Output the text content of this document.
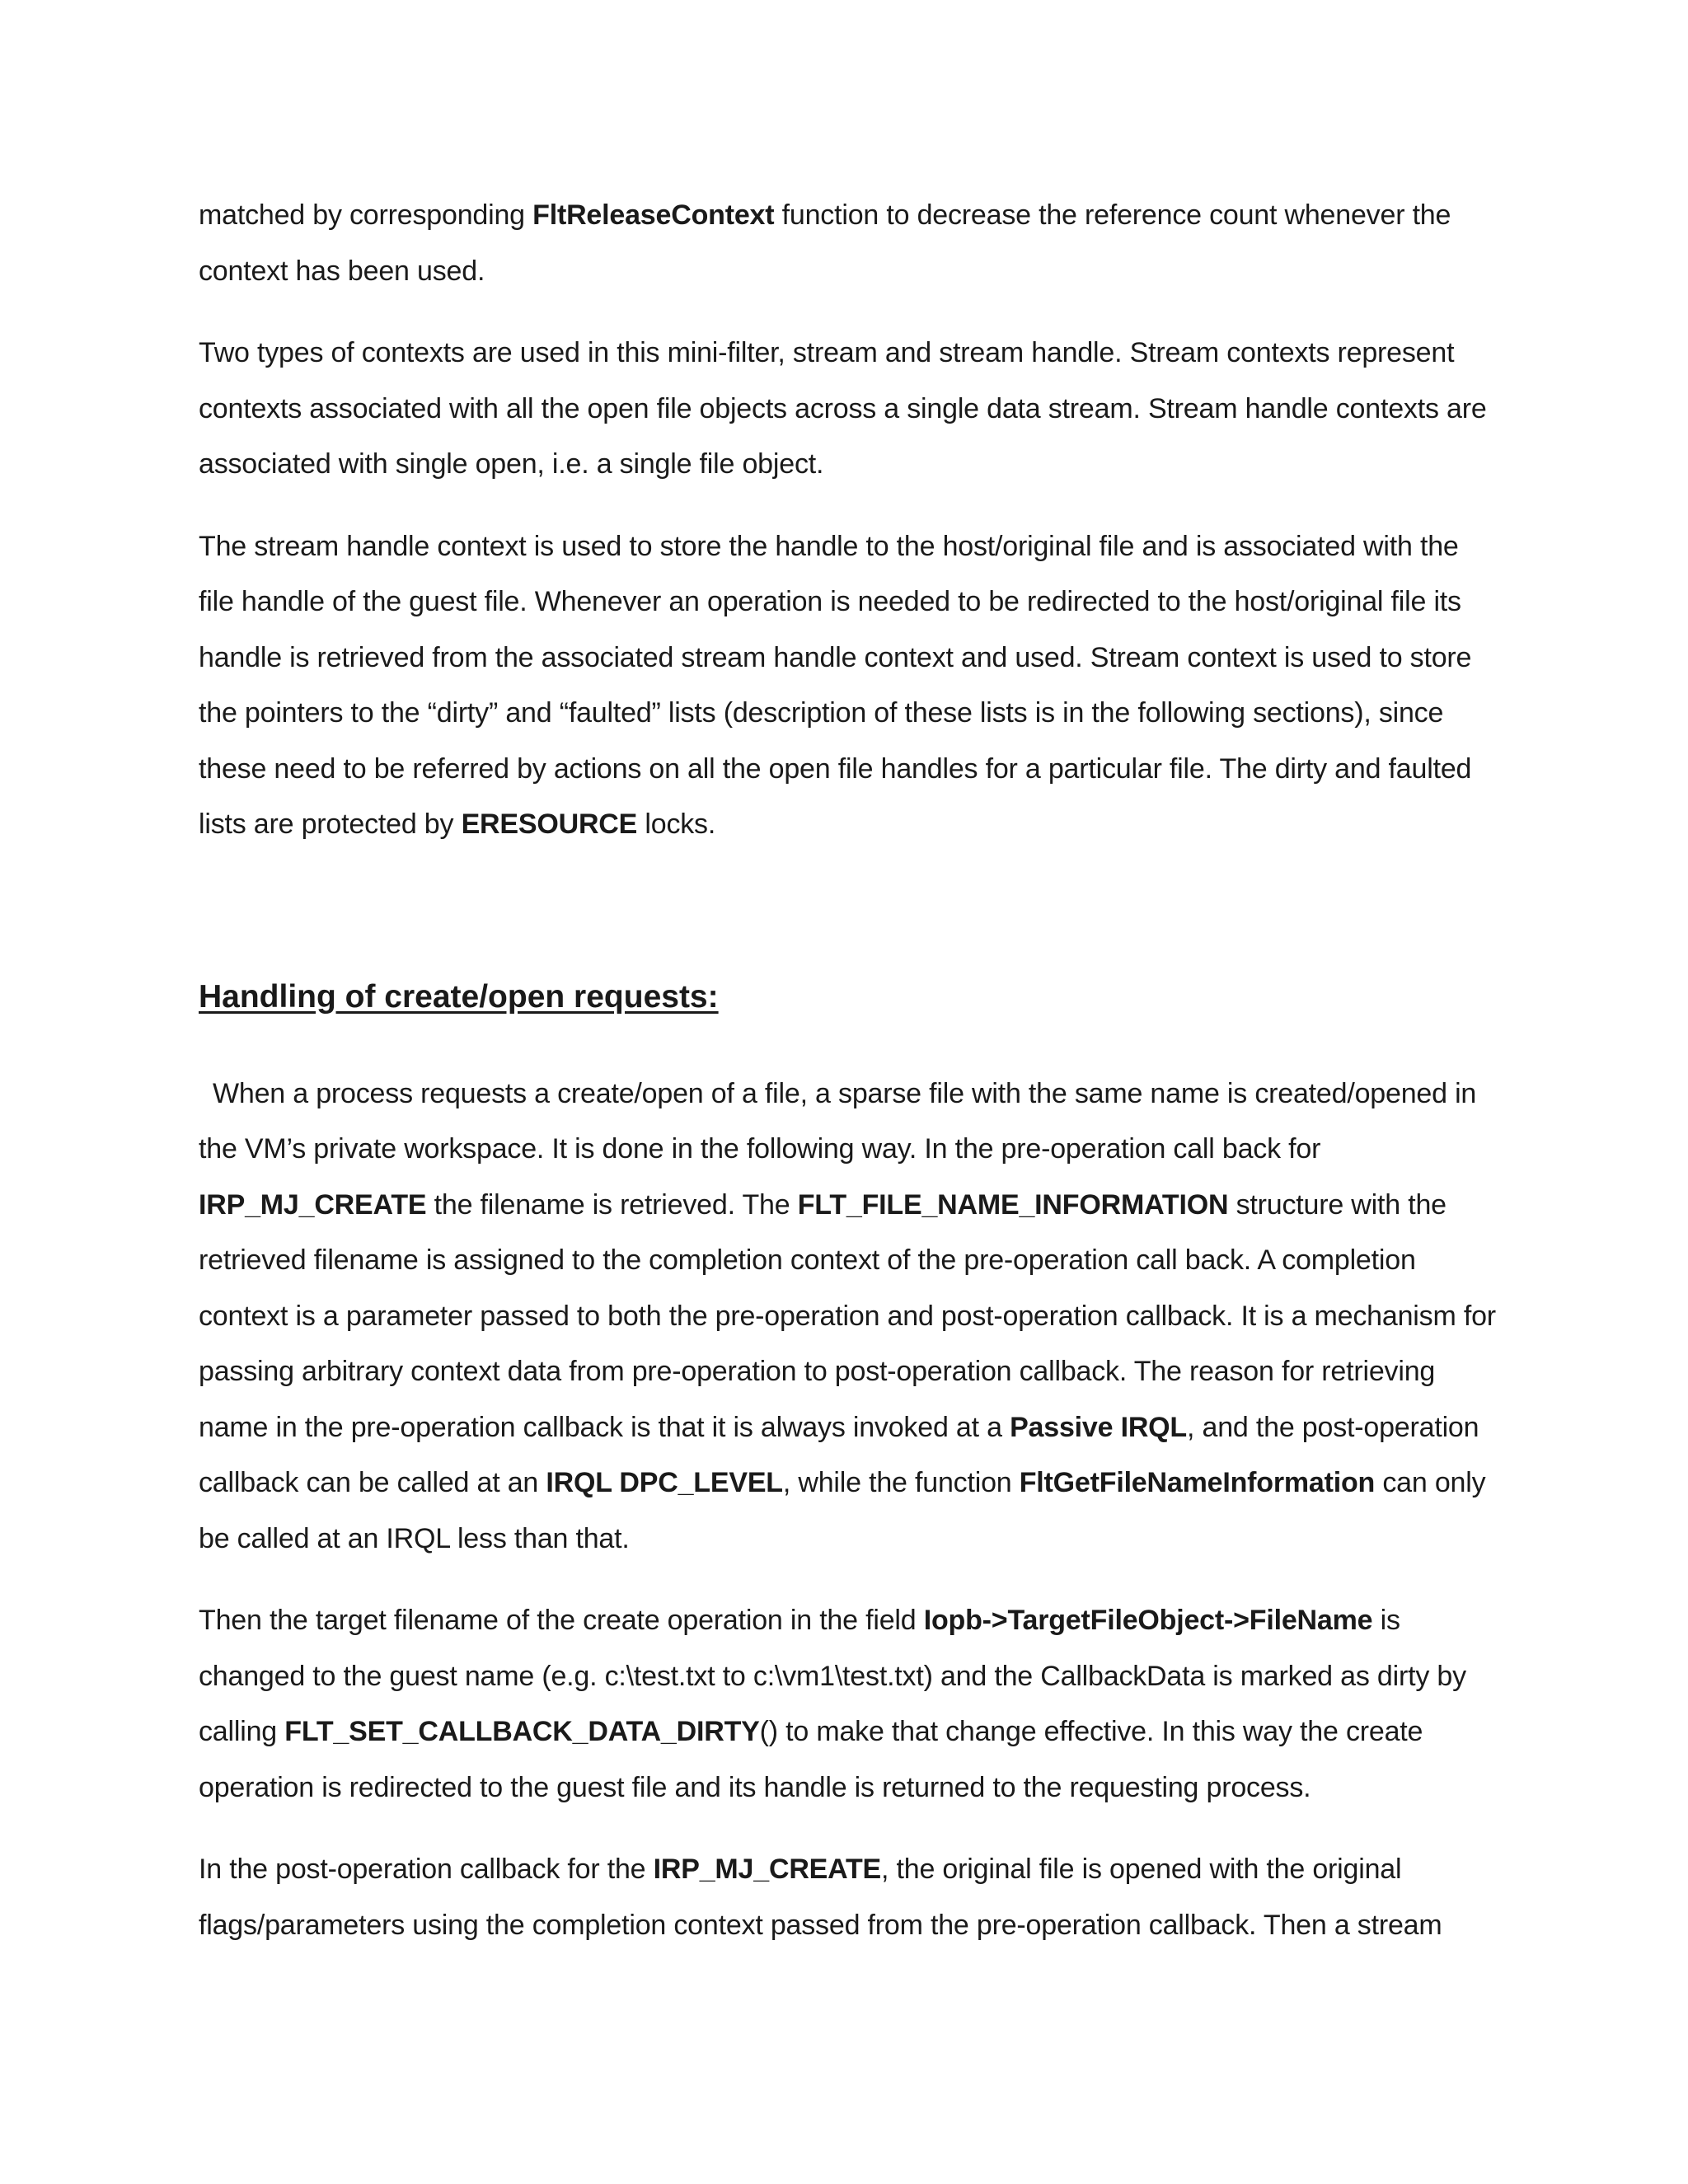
matched by corresponding FltReleaseContext function to decrease the reference count whenever the context has been used.

Two types of contexts are used in this mini-filter, stream and stream handle. Stream contexts represent contexts associated with all the open file objects across a single data stream. Stream handle contexts are associated with single open, i.e. a single file object.

The stream handle context is used to store the handle to the host/original file and is associated with the file handle of the guest file. Whenever an operation is needed to be redirected to the host/original file its handle is retrieved from the associated stream handle context and used. Stream context is used to store the pointers to the “dirty” and “faulted” lists (description of these lists is in the following sections), since these need to be referred by actions on all the open file handles for a particular file. The dirty and faulted lists are protected by ERESOURCE locks.

Handling of create/open requests:

When a process requests a create/open of a file, a sparse file with the same name is created/opened in the VM’s private workspace. It is done in the following way. In the pre-operation call back for IRP_MJ_CREATE the filename is retrieved. The FLT_FILE_NAME_INFORMATION structure with the retrieved filename is assigned to the completion context of the pre-operation call back. A completion context is a parameter passed to both the pre-operation and post-operation callback. It is a mechanism for passing arbitrary context data from pre-operation to post-operation callback. The reason for retrieving name in the pre-operation callback is that it is always invoked at a Passive IRQL, and the post-operation callback can be called at an IRQL DPC_LEVEL, while the function FltGetFileNameInformation can only be called at an IRQL less than that.

Then the target filename of the create operation in the field Iopb->TargetFileObject->FileName is changed to the guest name (e.g. c:\test.txt to c:\vm1\test.txt) and the CallbackData is marked as dirty by calling FLT_SET_CALLBACK_DATA_DIRTY() to make that change effective. In this way the create operation is redirected to the guest file and its handle is returned to the requesting process.

In the post-operation callback for the IRP_MJ_CREATE, the original file is opened with the original flags/parameters using the completion context passed from the pre-operation callback. Then a stream
